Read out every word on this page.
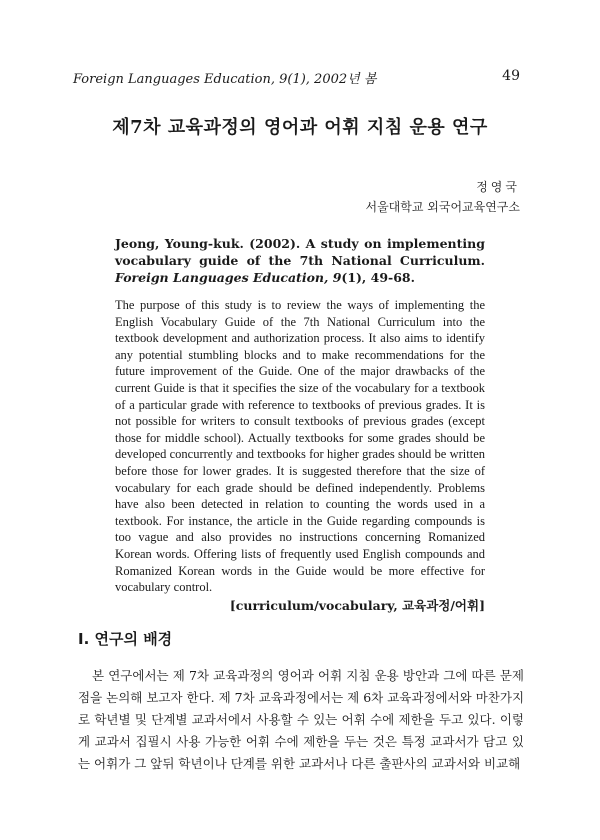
Foreign Languages Education, 9(1), 2002년 봄	49
제7차 교육과정의 영어과 어휘 지침 운용 연구
정영국
서울대학교 외국어교육연구소
Jeong, Young-kuk. (2002). A study on implementing vocabulary guide of the 7th National Curriculum. Foreign Languages Education, 9(1), 49-68.
The purpose of this study is to review the ways of implementing the English Vocabulary Guide of the 7th National Curriculum into the textbook development and authorization process. It also aims to identify any potential stumbling blocks and to make recommendations for the future improvement of the Guide. One of the major drawbacks of the current Guide is that it specifies the size of the vocabulary for a textbook of a particular grade with reference to textbooks of previous grades. It is not possible for writers to consult textbooks of previous grades (except those for middle school). Actually textbooks for some grades should be developed concurrently and textbooks for higher grades should be written before those for lower grades. It is suggested therefore that the size of vocabulary for each grade should be defined independently. Problems have also been detected in relation to counting the words used in a textbook. For instance, the article in the Guide regarding compounds is too vague and also provides no instructions concerning Romanized Korean words. Offering lists of frequently used English compounds and Romanized Korean words in the Guide would be more effective for vocabulary control.
[curriculum/vocabulary, 교육과정/어휘]
I. 연구의 배경
본 연구에서는 제 7차 교육과정의 영어과 어휘 지침 운용 방안과 그에 따른 문제점을 논의해 보고자 한다. 제 7차 교육과정에서는 제 6차 교육과정에서와 마찬가지로 학년별 및 단계별 교과서에서 사용할 수 있는 어휘 수에 제한을 두고 있다. 이렇게 교과서 집필시 사용 가능한 어휘 수에 제한을 두는 것은 특정 교과서가 담고 있는 어휘가 그 앞뒤 학년이나 단계를 위한 교과서나 다른 출판사의 교과서와 비교해
